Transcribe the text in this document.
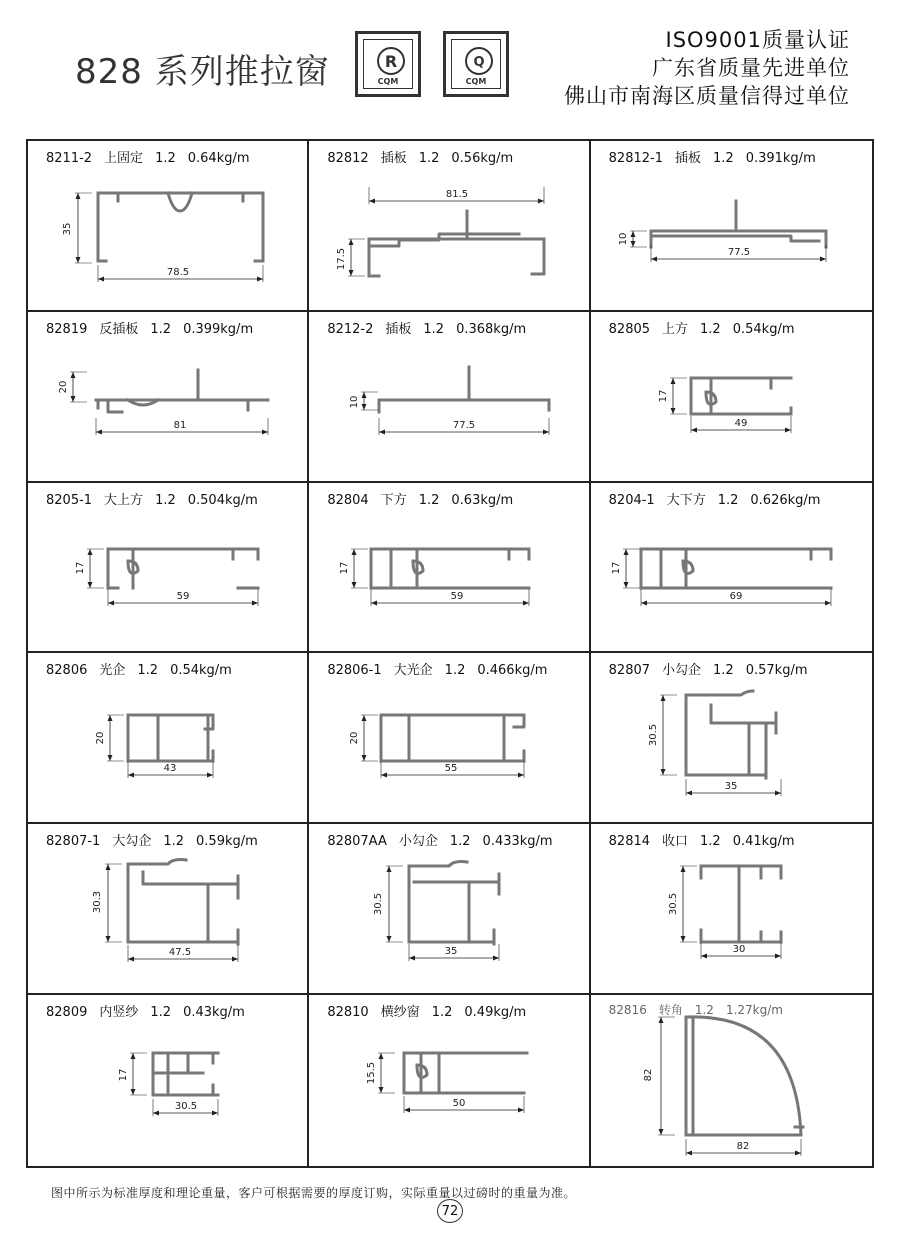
828 系列推拉窗	R
CQM
Q
CQM
ISO9001质量认证
广东省质量先进单位
佛山市南海区质量信得过单位
8211-2 上固定 1.2 0.64kg/m
35
78.5
82812 插板 1.2 0.56kg/m
17.5
81.5
82812-1 插板 1.2 0.391kg/m
10
77.5
82819 反插板 1.2 0.399kg/m
20
81
8212-2 插板 1.2 0.368kg/m
10
77.5
82805 上方 1.2 0.54kg/m
17
49
8205-1 大上方 1.2 0.504kg/m
17
59
82804 下方 1.2 0.63kg/m
17
59
8204-1 大下方 1.2 0.626kg/m
17
69
82806 光企 1.2 0.54kg/m
20
43
82806-1 大光企 1.2 0.466kg/m
20
55
82807 小勾企 1.2 0.57kg/m
30.5
35
82807-1 大勾企 1.2 0.59kg/m
30.3
47.5
82807AA 小勾企 1.2 0.433kg/m
30.5
35
82814 收口 1.2 0.41kg/m
30.5
30
82809 内竖纱 1.2 0.43kg/m
17
30.5
82810 横纱窗 1.2 0.49kg/m
15.5
50
82816 转角 1.2 1.27kg/m
82
82
图中所示为标准厚度和理论重量，客户可根据需要的厚度订购，实际重量以过磅时的重量为准。
72
